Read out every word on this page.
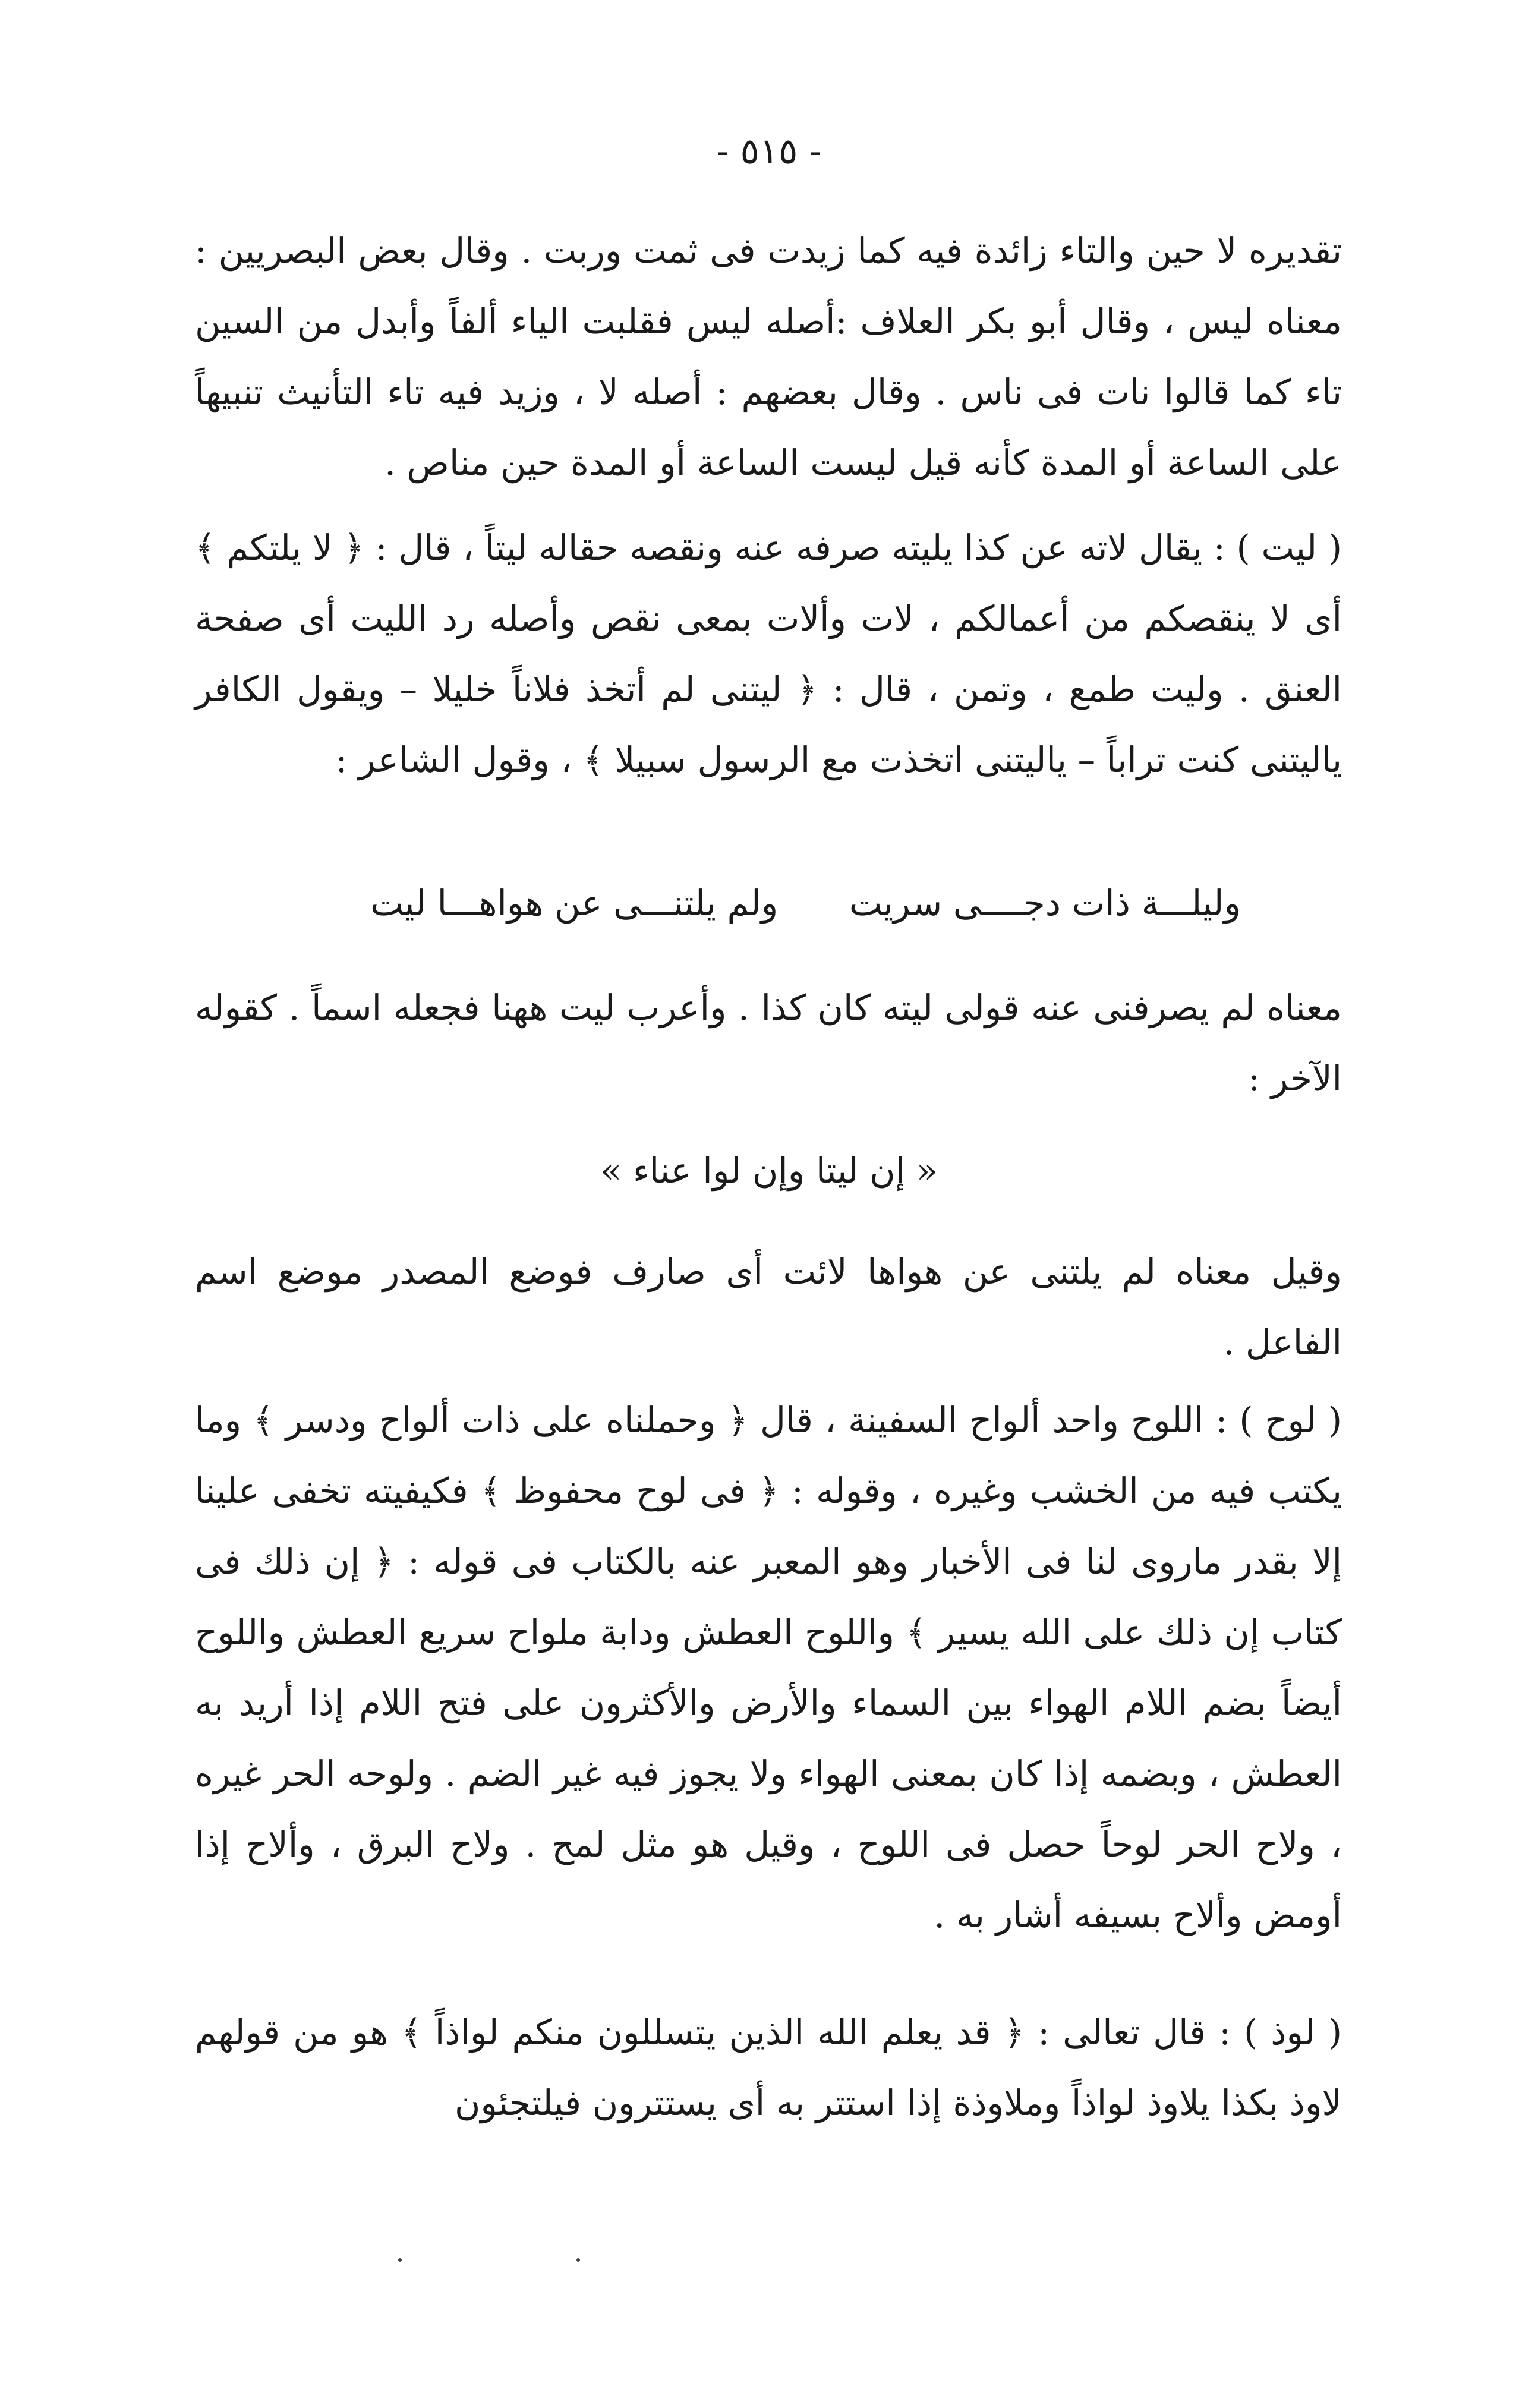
- ٥١٥ -
تقديره لا حين والتاء زائدة فيه كما زيدت فى ثمت وربت . وقال بعض البصريين : معناه ليس ، وقال أبو بكر العلاف :أصله ليس فقلبت الياء ألفاً وأبدل من السين تاء كما قالوا نات فى ناس . وقال بعضهم : أصله لا ، وزيد فيه تاء التأنيث تنبيهاً على الساعة أو المدة كأنه قيل ليست الساعة أو المدة حين مناص .
( ليت ) : يقال لاته عن كذا يليته صرفه عنه ونقصه حقاله ليتاً ، قال : ﴿ لا يلتكم ﴾ أى لا ينقصكم من أعمالكم ، لات وألات بمعى نقص وأصله رد الليت أى صفحة العنق . وليت طمع ، وتمن ، قال : ﴿ ليتنى لم أتخذ فلاناً خليلا – ويقول الكافر ياليتنى كنت تراباً – ياليتنى اتخذت مع الرسول سبيلا ﴾ ، وقول الشاعر :
وليلـــة ذات دجــــى سريت ولم يلتنـــى عن هواهـــا ليت
معناه لم يصرفنى عنه قولى ليته كان كذا . وأعرب ليت ههنا فجعله اسماً . كقوله الآخر :
« إن ليتا وإن لوا عناء »
وقيل معناه لم يلتنى عن هواها لائت أى صارف فوضع المصدر موضع اسم الفاعل .
( لوح ) : اللوح واحد ألواح السفينة ، قال ﴿ وحملناه على ذات ألواح ودسر ﴾ وما يكتب فيه من الخشب وغيره ، وقوله : ﴿ فى لوح محفوظ ﴾ فكيفيته تخفى علينا إلا بقدر ماروى لنا فى الأخبار وهو المعبر عنه بالكتاب فى قوله : ﴿ إن ذلك فى كتاب إن ذلك على الله يسير ﴾ واللوح العطش ودابة ملواح سريع العطش واللوح أيضاً بضم اللام الهواء بين السماء والأرض والأكثرون على فتح اللام إذا أريد به العطش ، وبضمه إذا كان بمعنى الهواء ولا يجوز فيه غير الضم . ولوحه الحر غيره ، ولاح الحر لوحاً حصل فى اللوح ، وقيل هو مثل لمح . ولاح البرق ، وألاح إذا أومض وألاح بسيفه أشار به .
( لوذ ) : قال تعالى : ﴿ قد يعلم الله الذين يتسللون منكم لواذاً ﴾ هو من قولهم لاوذ بكذا يلاوذ لواذاً وملاوذة إذا استتر به أى يستترون فيلتجئون
